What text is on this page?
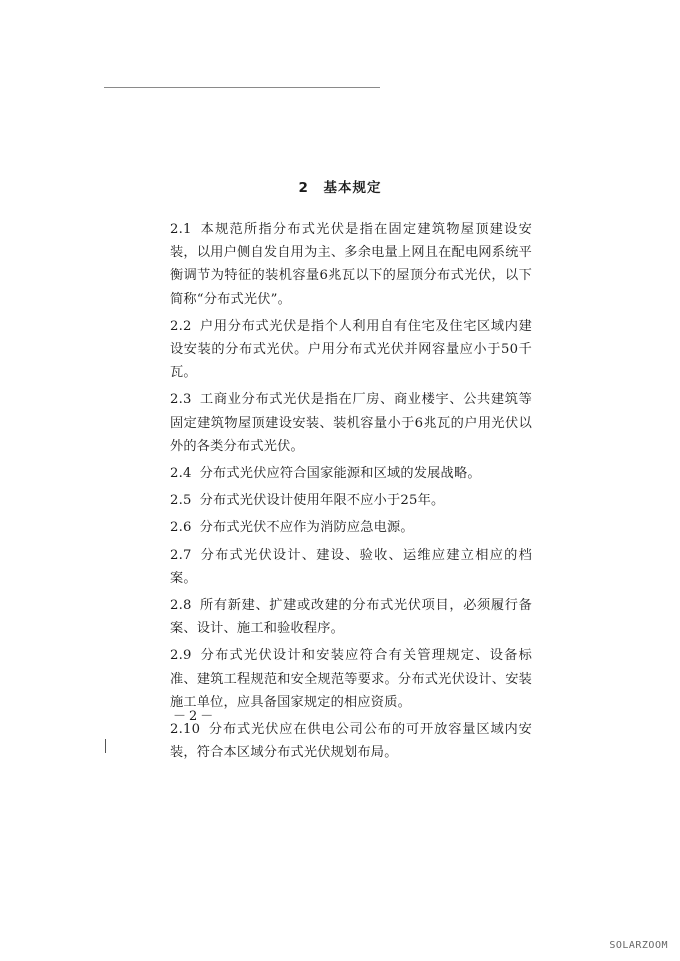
2　基本规定

2.1 本规范所指分布式光伏是指在固定建筑物屋顶建设安装，以用户侧自发自用为主、多余电量上网且在配电网系统平衡调节为特征的装机容量6兆瓦以下的屋顶分布式光伏，以下简称“分布式光伏”。

2.2 户用分布式光伏是指个人利用自有住宅及住宅区域内建设安装的分布式光伏。户用分布式光伏并网容量应小于50千瓦。

2.3 工商业分布式光伏是指在厂房、商业楼宇、公共建筑等固定建筑物屋顶建设安装、装机容量小于6兆瓦的户用光伏以外的各类分布式光伏。

2.4 分布式光伏应符合国家能源和区域的发展战略。

2.5 分布式光伏设计使用年限不应小于25年。

2.6 分布式光伏不应作为消防应急电源。

2.7 分布式光伏设计、建设、验收、运维应建立相应的档案。

2.8 所有新建、扩建或改建的分布式光伏项目，必须履行备案、设计、施工和验收程序。

2.9 分布式光伏设计和安装应符合有关管理规定、设备标准、建筑工程规范和安全规范等要求。分布式光伏设计、安装施工单位，应具备国家规定的相应资质。

2.10 分布式光伏应在供电公司公布的可开放容量区域内安装，符合本区域分布式光伏规划布局。

－2－
SOLARZOOM
